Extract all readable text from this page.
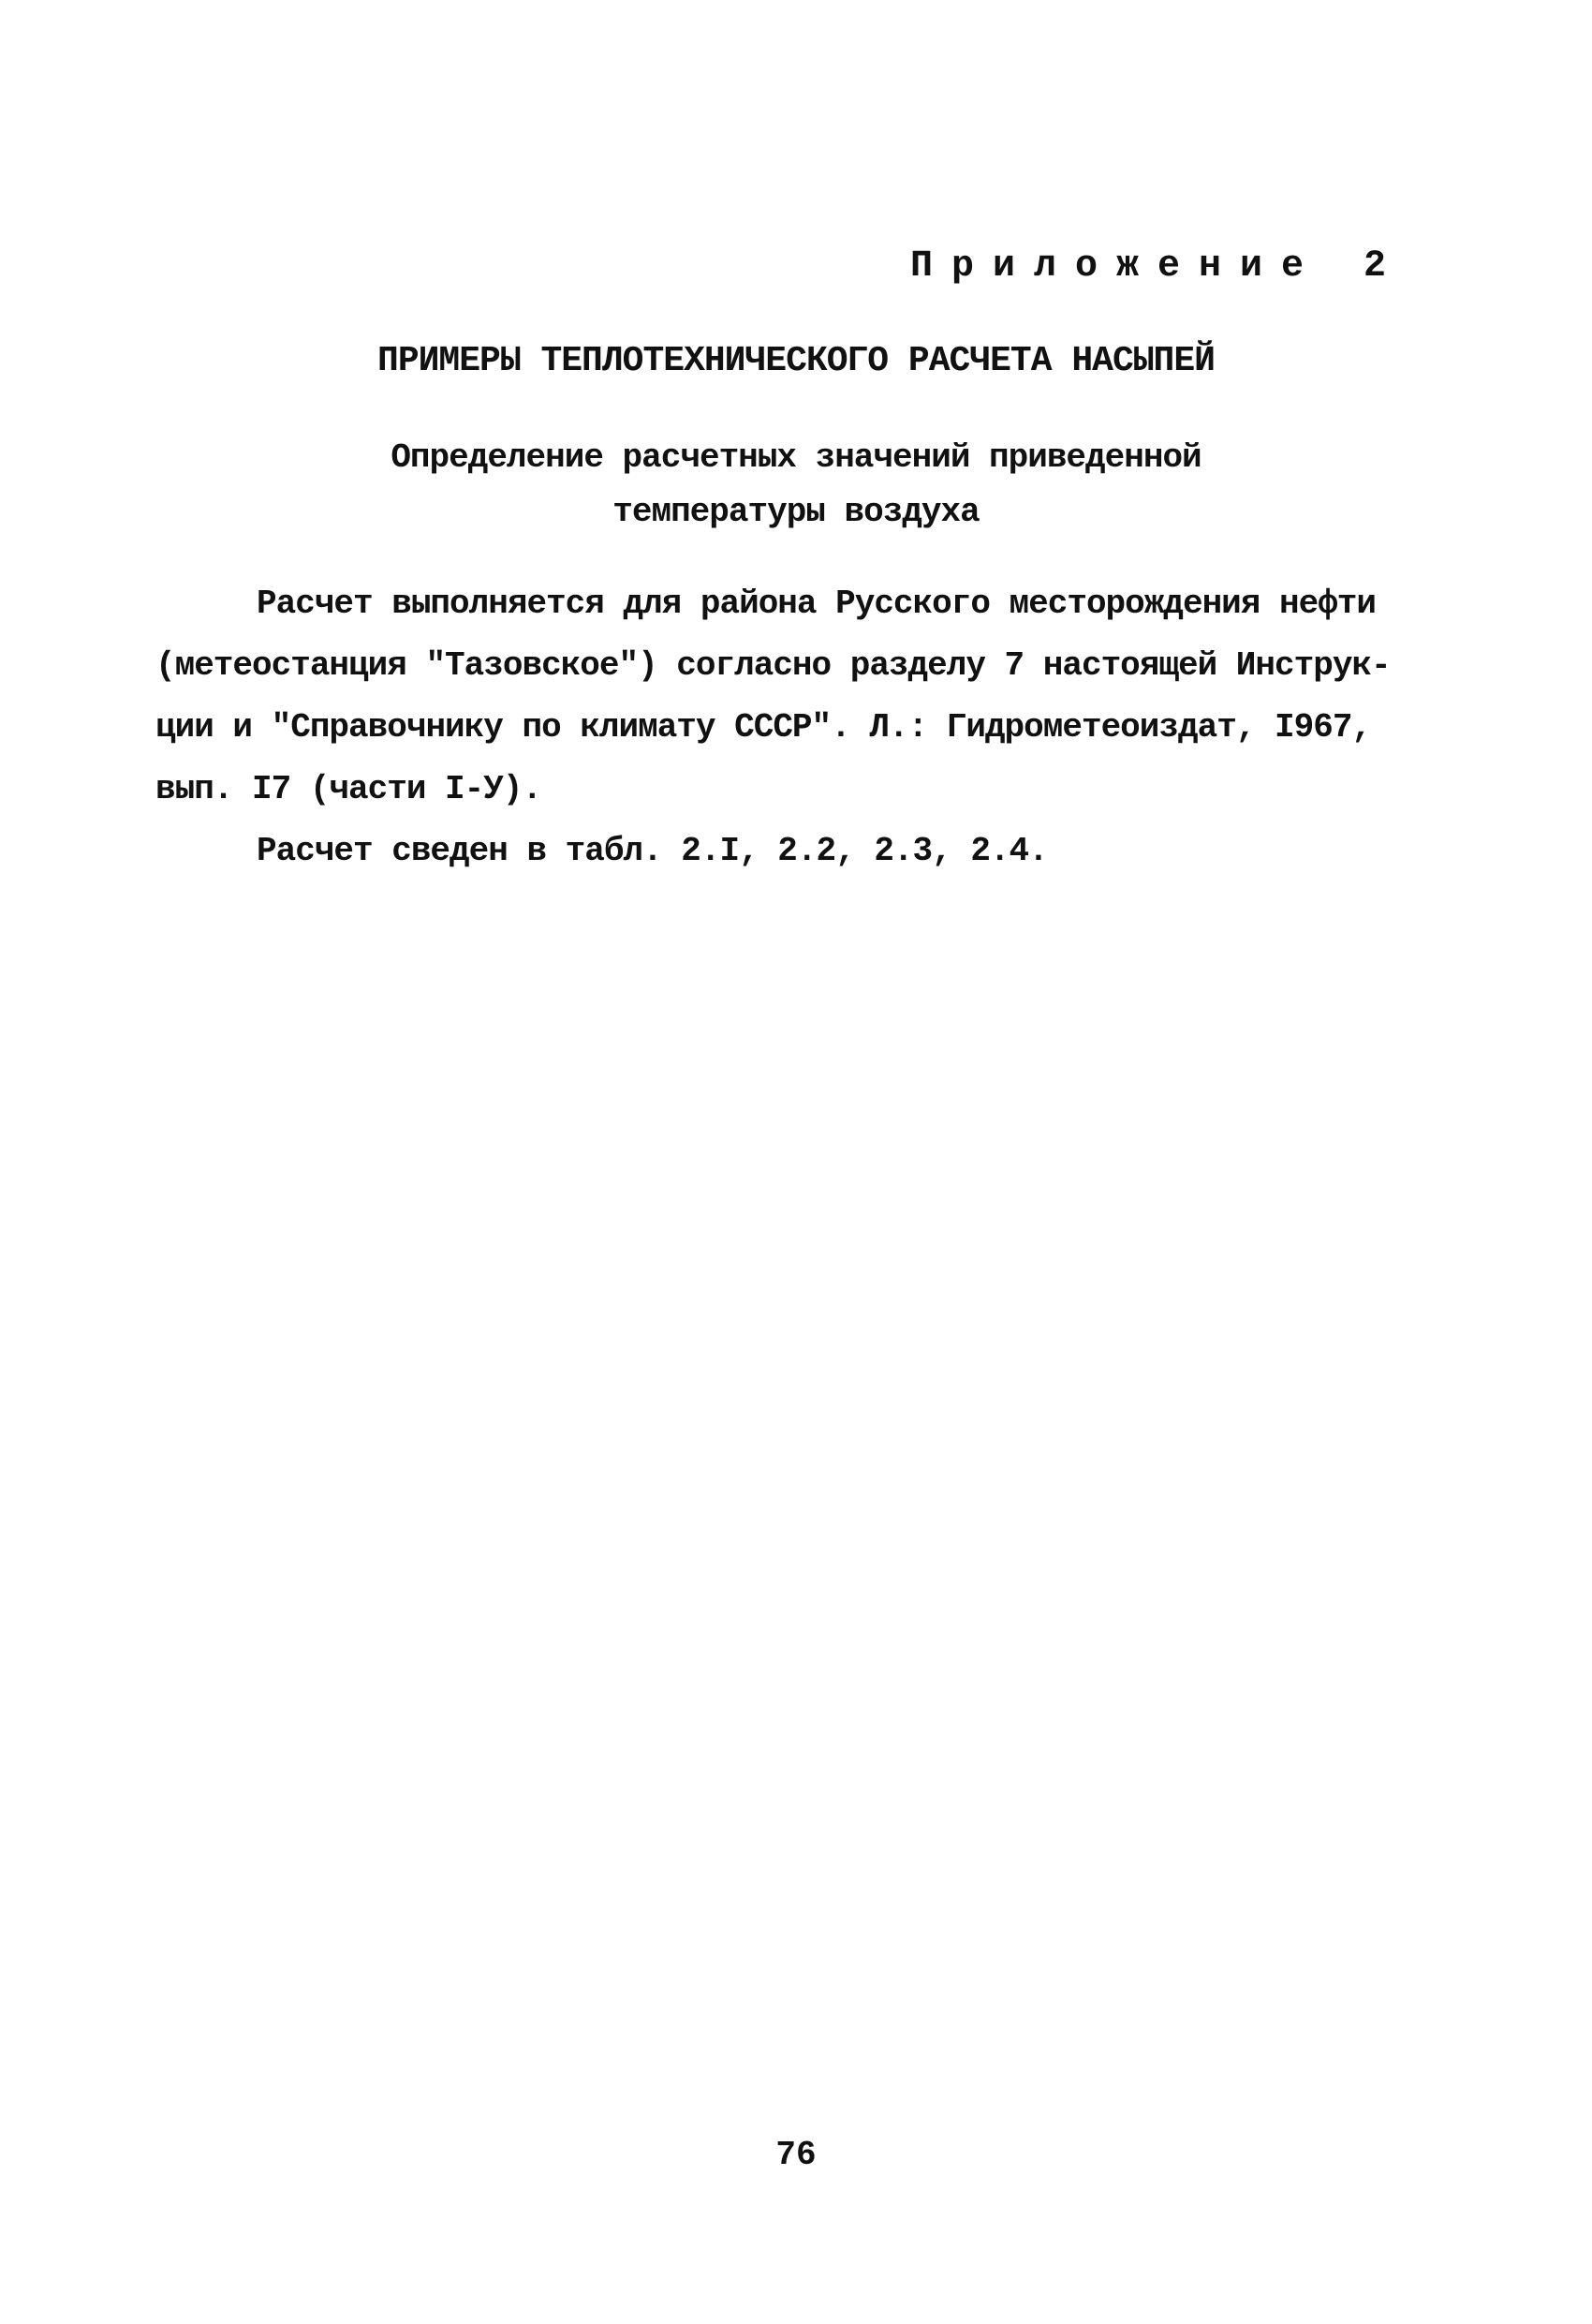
Приложение 2
ПРИМЕРЫ ТЕПЛОТЕХНИЧЕСКОГО РАСЧЕТА НАСЫПЕЙ
Определение расчетных значений приведенной
температуры воздуха
Расчет выполняется для района Русского месторождения нефти
(метеостанция "Тазовское") согласно разделу 7 настоящей Инструк-
ции и "Справочнику по климату СССР". Л.: Гидрометеоиздат, I967,
вып. I7 (части I-У).
Расчет сведен в табл. 2.I, 2.2, 2.3, 2.4.
76
